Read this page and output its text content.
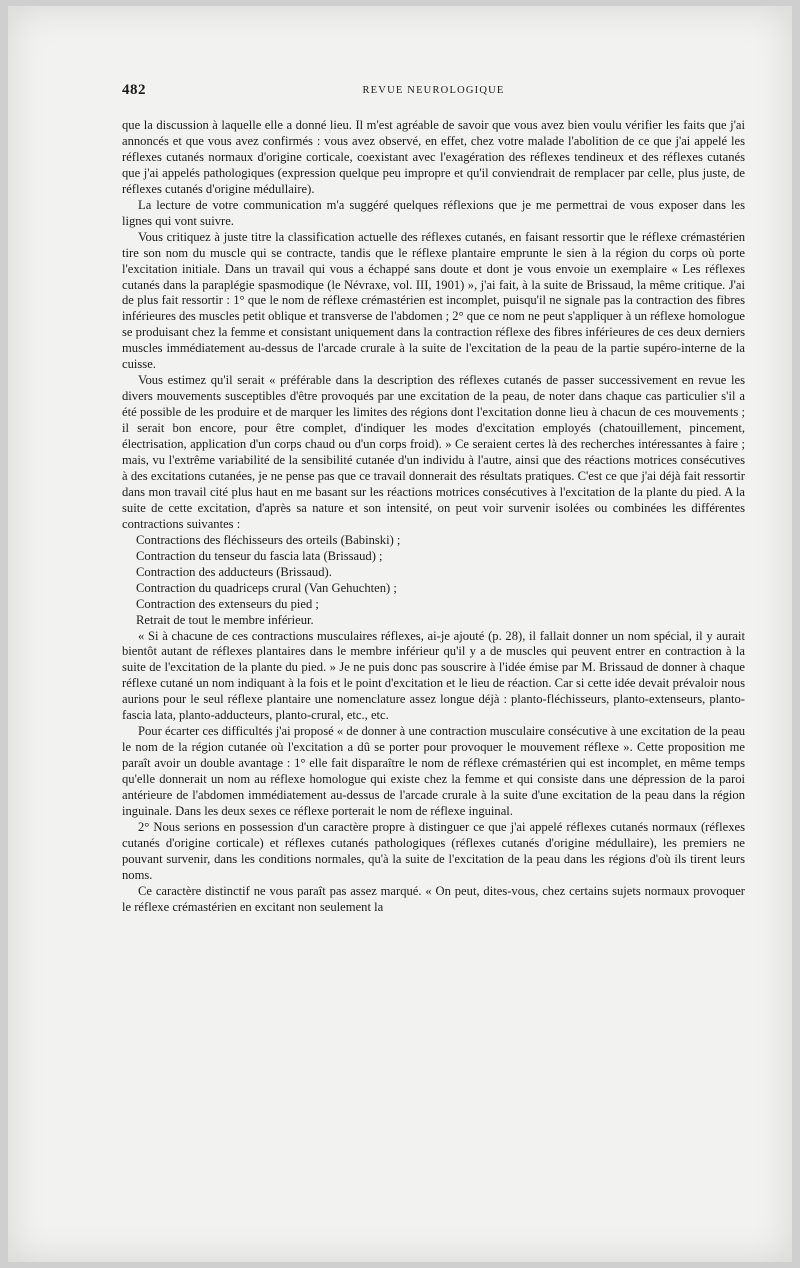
482	REVUE NEUROLOGIQUE

que la discussion à laquelle elle a donné lieu. Il m'est agréable de savoir que vous avez bien voulu vérifier les faits que j'ai annoncés et que vous avez confirmés : vous avez observé, en effet, chez votre malade l'abolition de ce que j'ai appelé les réflexes cutanés normaux d'origine corticale, coexistant avec l'exagération des réflexes tendineux et des réflexes cutanés que j'ai appelés pathologiques (expression quelque peu impropre et qu'il conviendrait de remplacer par celle, plus juste, de réflexes cutanés d'origine médullaire).

La lecture de votre communication m'a suggéré quelques réflexions que je me permettrai de vous exposer dans les lignes qui vont suivre.

Vous critiquez à juste titre la classification actuelle des réflexes cutanés, en faisant ressortir que le réflexe crémastérien tire son nom du muscle qui se contracte, tandis que le réflexe plantaire emprunte le sien à la région du corps où porte l'excitation initiale. Dans un travail qui vous a échappé sans doute et dont je vous envoie un exemplaire « Les réflexes cutanés dans la paraplégie spasmodique (le Névraxe, vol. III, 1901) », j'ai fait, à la suite de Brissaud, la même critique. J'ai de plus fait ressortir : 1° que le nom de réflexe crémastérien est incomplet, puisqu'il ne signale pas la contraction des fibres inférieures des muscles petit oblique et transverse de l'abdomen ; 2° que ce nom ne peut s'appliquer à un réflexe homologue se produisant chez la femme et consistant uniquement dans la contraction réflexe des fibres inférieures de ces deux derniers muscles immédiatement au-dessus de l'arcade crurale à la suite de l'excitation de la peau de la partie supéro-interne de la cuisse.

Vous estimez qu'il serait « préférable dans la description des réflexes cutanés de passer successivement en revue les divers mouvements susceptibles d'être provoqués par une excitation de la peau, de noter dans chaque cas particulier s'il a été possible de les produire et de marquer les limites des régions dont l'excitation donne lieu à chacun de ces mouvements ; il serait bon encore, pour être complet, d'indiquer les modes d'excitation employés (chatouillement, pincement, électrisation, application d'un corps chaud ou d'un corps froid). » Ce seraient certes là des recherches intéressantes à faire ; mais, vu l'extrême variabilité de la sensibilité cutanée d'un individu à l'autre, ainsi que des réactions motrices consécutives à des excitations cutanées, je ne pense pas que ce travail donnerait des résultats pratiques. C'est ce que j'ai déjà fait ressortir dans mon travail cité plus haut en me basant sur les réactions motrices consécutives à l'excitation de la plante du pied. A la suite de cette excitation, d'après sa nature et son intensité, on peut voir survenir isolées ou combinées les différentes contractions suivantes :

Contractions des fléchisseurs des orteils (Babinski) ;

Contraction du tenseur du fascia lata (Brissaud) ;

Contraction des adducteurs (Brissaud).

Contraction du quadriceps crural (Van Gehuchten) ;

Contraction des extenseurs du pied ;

Retrait de tout le membre inférieur.

« Si à chacune de ces contractions musculaires réflexes, ai-je ajouté (p. 28), il fallait donner un nom spécial, il y aurait bientôt autant de réflexes plantaires dans le membre inférieur qu'il y a de muscles qui peuvent entrer en contraction à la suite de l'excitation de la plante du pied. » Je ne puis donc pas souscrire à l'idée émise par M. Brissaud de donner à chaque réflexe cutané un nom indiquant à la fois et le point d'excitation et le lieu de réaction. Car si cette idée devait prévaloir nous aurions pour le seul réflexe plantaire une nomenclature assez longue déjà : planto-fléchisseurs, planto-extenseurs, planto-fascia lata, planto-adducteurs, planto-crural, etc., etc.

Pour écarter ces difficultés j'ai proposé « de donner à une contraction musculaire consécutive à une excitation de la peau le nom de la région cutanée où l'excitation a dû se porter pour provoquer le mouvement réflexe ». Cette proposition me paraît avoir un double avantage : 1° elle fait disparaître le nom de réflexe crémastérien qui est incomplet, en même temps qu'elle donnerait un nom au réflexe homologue qui existe chez la femme et qui consiste dans une dépression de la paroi antérieure de l'abdomen immédiatement au-dessus de l'arcade crurale à la suite d'une excitation de la peau dans la région inguinale. Dans les deux sexes ce réflexe porterait le nom de réflexe inguinal.

2° Nous serions en possession d'un caractère propre à distinguer ce que j'ai appelé réflexes cutanés normaux (réflexes cutanés d'origine corticale) et réflexes cutanés pathologiques (réflexes cutanés d'origine médullaire), les premiers ne pouvant survenir, dans les conditions normales, qu'à la suite de l'excitation de la peau dans les régions d'où ils tirent leurs noms.

Ce caractère distinctif ne vous paraît pas assez marqué. « On peut, dites-vous, chez certains sujets normaux provoquer le réflexe crémastérien en excitant non seulement la
